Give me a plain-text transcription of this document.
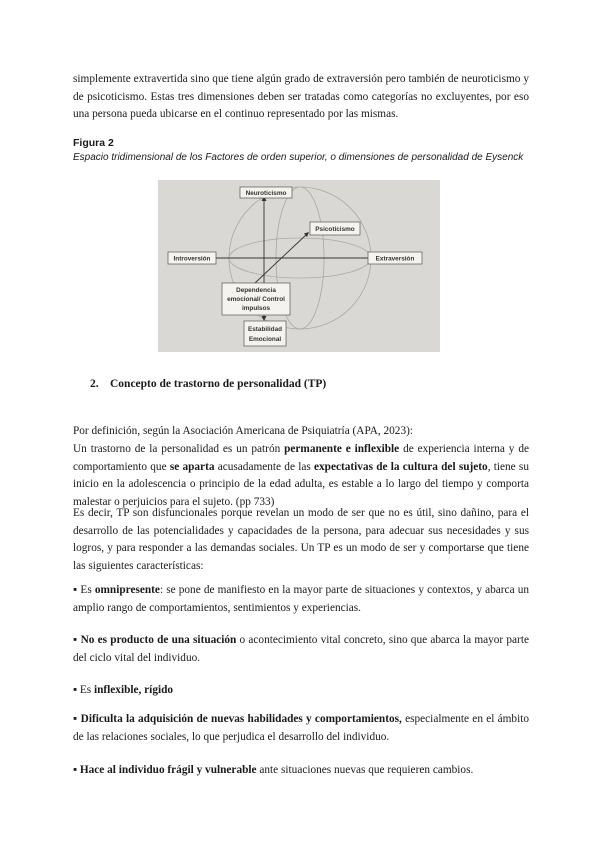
simplemente extravertida sino que tiene algún grado de extraversión pero también de neuroticismo y de psicoticismo. Estas tres dimensiones deben ser tratadas como categorías no excluyentes, por eso una persona pueda ubicarse en el continuo representado por las mismas.

Figura 2

Espacio tridimensional de los Factores de orden superior, o dimensiones de personalidad de Eysenck

Neuroticismo
Psicoticismo
Introversión	Extraversión
Dependencia
emocional/ Control
impulsos
Estabilidad
Emocional
2. Concepto de trastorno de personalidad (TP)

Por definición, según la Asociación Americana de Psiquiatría (APA, 2023):

Un trastorno de la personalidad es un patrón permanente e inflexible de experiencia interna y de comportamiento que se aparta acusadamente de las expectativas de la cultura del sujeto, tiene su inicio en la adolescencia o principio de la edad adulta, es estable a lo largo del tiempo y comporta malestar o perjuicios para el sujeto. (pp 733)

Es decir, TP son disfuncionales porque revelan un modo de ser que no es útil, sino dañino, para el desarrollo de las potencialidades y capacidades de la persona, para adecuar sus necesidades y sus logros, y para responder a las demandas sociales. Un TP es un modo de ser y comportarse que tiene las siguientes características:

▪ Es omnipresente: se pone de manifiesto en la mayor parte de situaciones y contextos, y abarca un amplio rango de comportamientos, sentimientos y experiencias.

▪ No es producto de una situación o acontecimiento vital concreto, sino que abarca la mayor parte del ciclo vital del individuo.

▪ Es inflexible, rígido

▪ Dificulta la adquisición de nuevas habilidades y comportamientos, especialmente en el ámbito de las relaciones sociales, lo que perjudica el desarrollo del individuo.

▪ Hace al individuo frágil y vulnerable ante situaciones nuevas que requieren cambios.
